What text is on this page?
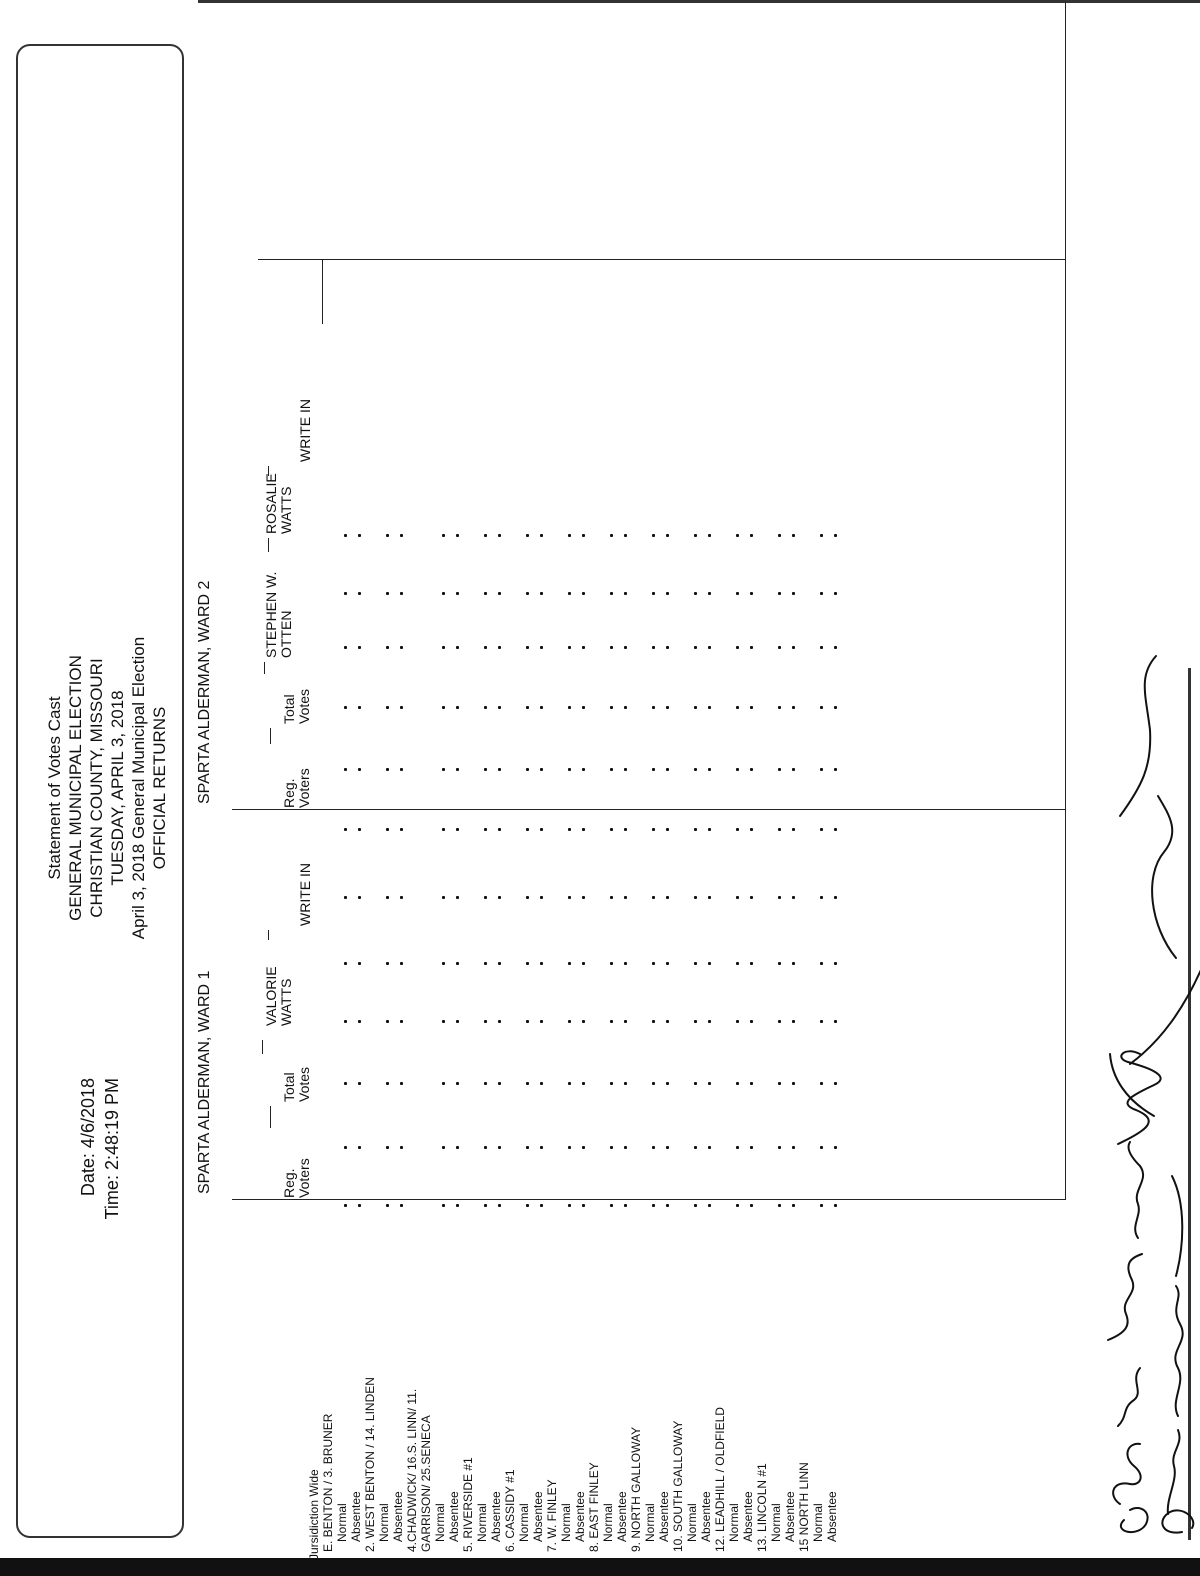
Statement of Votes Cast GENERAL MUNICIPAL ELECTION CHRISTIAN COUNTY, MISSOURI TUESDAY, APRIL 3, 2018 April 3, 2018 General Municipal Election OFFICIAL RETURNS
Date: 4/6/2018 Time: 2:48:19 PM	SPARTA ALDERMAN, WARD 1
SPARTA ALDERMAN, WARD 2
Reg. Voters
Total Votes
VALORIE WATTS
WRITE IN
Reg. Voters
Total Votes
STEPHEN W. OTTEN
ROSALIE WATTS
WRITE IN
Jursidiction Wide E. BENTON / 3. BRUNER Normal Absentee 2. WEST BENTON / 14. LINDEN Normal Absentee 4.CHADWICK/ 16.S. LINN/ 11. GARRISON/ 25.SENECA Normal Absentee 5. RIVERSIDE #1 Normal Absentee 6. CASSIDY #1 Normal Absentee 7. W. FINLEY Normal Absentee 8. EAST FINLEY Normal Absentee 9. NORTH GALLOWAY Normal Absentee 10. SOUTH GALLOWAY Normal Absentee 12. LEADHILL / OLDFIELD Normal Absentee 13. LINCOLN #1 Normal Absentee 15 NORTH LINN Normal Absentee
